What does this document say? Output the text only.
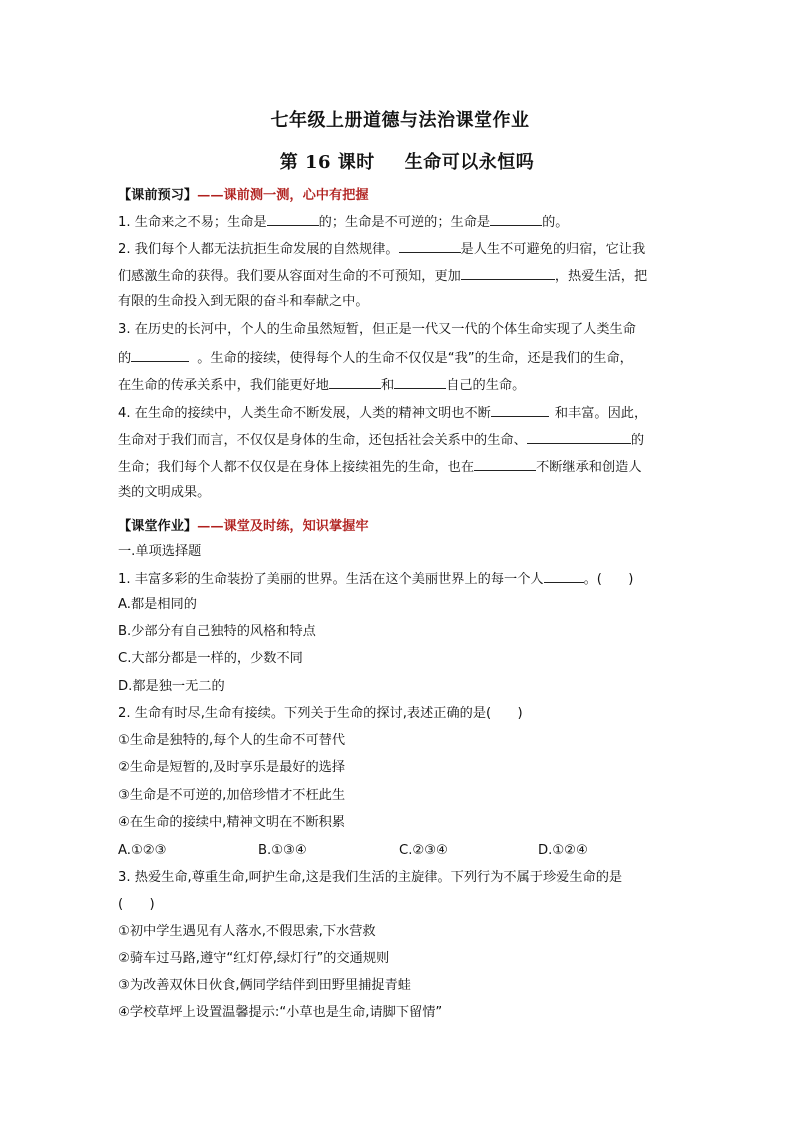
七年级上册道德与法治课堂作业
第 16 课时 生命可以永恒吗
【课前预习】——课前测一测，心中有把握
1. 生命来之不易；生命是	的；生命是不可逆的；生命是	的。
2. 我们每个人都无法抗拒生命发展的自然规律。	是人生不可避免的归宿，它让我
们感激生命的获得。我们要从容面对生命的不可预知，更加	，热爱生活，把
有限的生命投入到无限的奋斗和奉献之中。
3. 在历史的长河中，个人的生命虽然短暂，但正是一代又一代的个体生命实现了人类生命
的	。生命的接续，使得每个人的生命不仅仅是“我”的生命，还是我们的生命，
在生命的传承关系中，我们能更好地	和	自己的生命。
4. 在生命的接续中，人类生命不断发展，人类的精神文明也不断	和丰富。因此，
生命对于我们而言，不仅仅是身体的生命，还包括社会关系中的生命、	的
生命；我们每个人都不仅仅是在身体上接续祖先的生命，也在	不断继承和创造人
类的文明成果。
【课堂作业】——课堂及时练，知识掌握牢
一.单项选择题
1. 丰富多彩的生命装扮了美丽的世界。生活在这个美丽世界上的每一个人	。(　　)
A.都是相同的
B.少部分有自己独特的风格和特点
C.大部分都是一样的，少数不同
D.都是独一无二的
2. 生命有时尽,生命有接续。下列关于生命的探讨,表述正确的是(　　)
①生命是独特的,每个人的生命不可替代
②生命是短暂的,及时享乐是最好的选择
③生命是不可逆的,加倍珍惜才不枉此生
④在生命的接续中,精神文明在不断积累
A.①②③	B.①③④	C.②③④	D.①②④
3. 热爱生命,尊重生命,呵护生命,这是我们生活的主旋律。下列行为不属于珍爱生命的是
(　　)
①初中学生遇见有人落水,不假思索,下水营救
②骑车过马路,遵守“红灯停,绿灯行”的交通规则
③为改善双休日伙食,俩同学结伴到田野里捕捉青蛙
④学校草坪上设置温馨提示:“小草也是生命,请脚下留情”
